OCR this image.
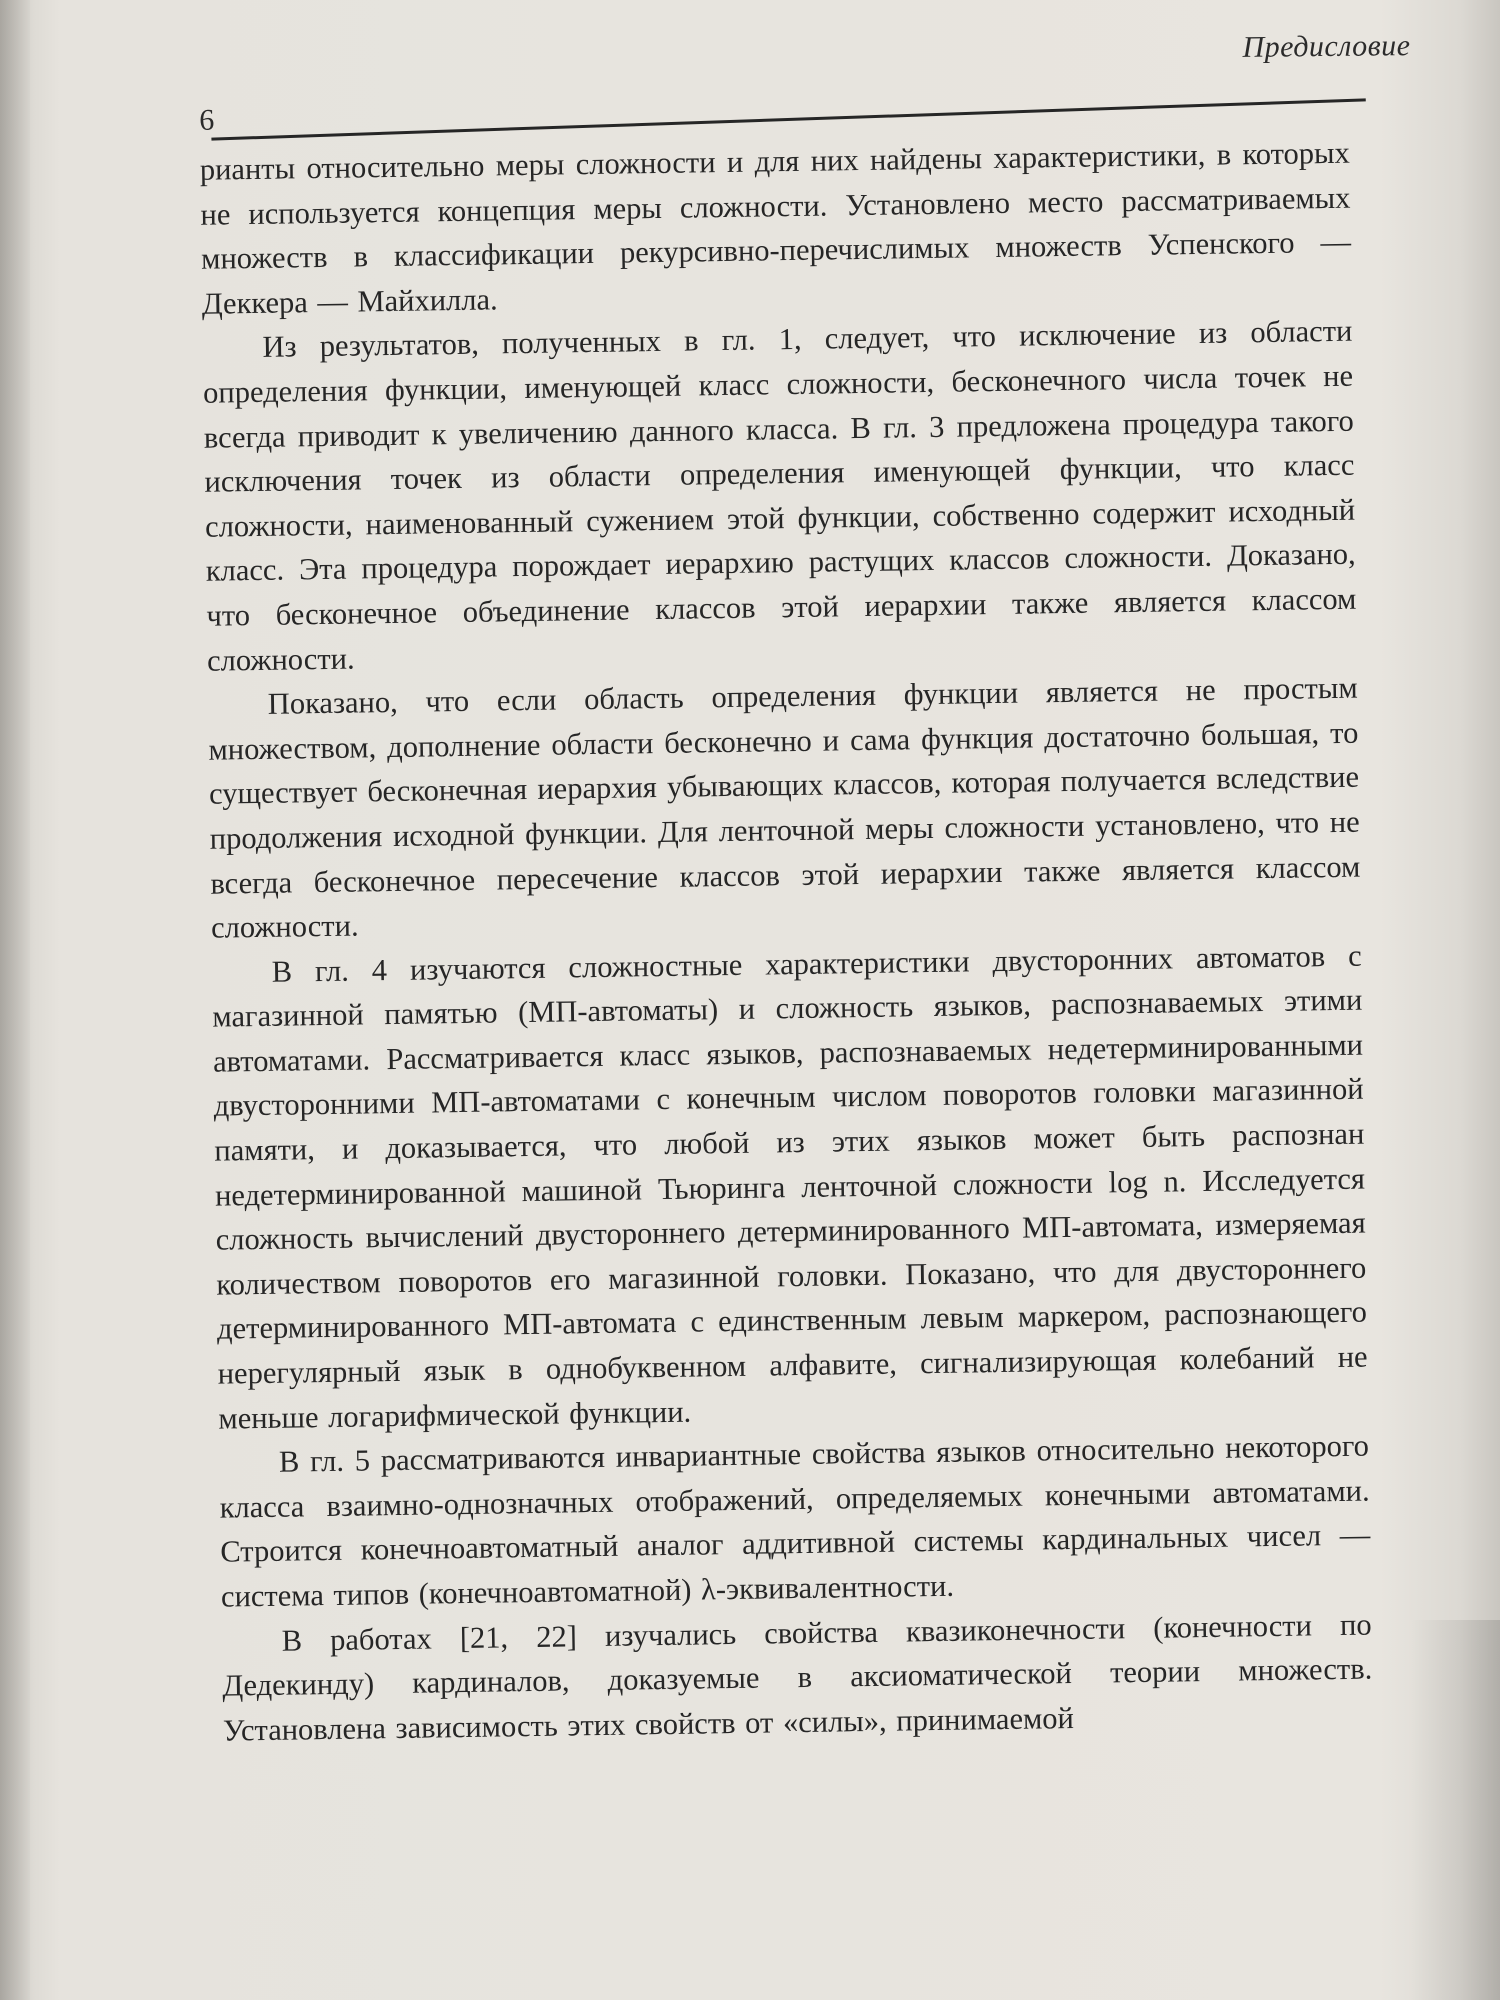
Предисловие
6

рианты относительно меры сложности и для них найдены характеристики, в которых не используется концепция меры сложности. Установлено место рассматриваемых множеств в классификации рекурсивно-перечислимых множеств Успенского — Деккера — Майхилла.

Из результатов, полученных в гл. 1, следует, что исключение из области определения функции, именующей класс сложности, бесконечного числа точек не всегда приводит к увеличению данного класса. В гл. 3 предложена процедура такого исключения точек из области определения именующей функции, что класс сложности, наименованный сужением этой функции, собственно содержит исходный класс. Эта процедура порождает иерархию растущих классов сложности. Доказано, что бесконечное объединение классов этой иерархии также является классом сложности.

Показано, что если область определения функции является не простым множеством, дополнение области бесконечно и сама функция достаточно большая, то существует бесконечная иерархия убывающих классов, которая получается вследствие продолжения исходной функции. Для ленточной меры сложности установлено, что не всегда бесконечное пересечение классов этой иерархии также является классом сложности.

В гл. 4 изучаются сложностные характеристики двусторонних автоматов с магазинной памятью (МП-автоматы) и сложность языков, распознаваемых этими автоматами. Рассматривается класс языков, распознаваемых недетерминированными двусторонними МП-автоматами с конечным числом поворотов головки магазинной памяти, и доказывается, что любой из этих языков может быть распознан недетерминированной машиной Тьюринга ленточной сложности log n. Исследуется сложность вычислений двустороннего детерминированного МП-автомата, измеряемая количеством поворотов его магазинной головки. Показано, что для двустороннего детерминированного МП-автомата с единственным левым маркером, распознающего нерегулярный язык в однобуквенном алфавите, сигнализирующая колебаний не меньше логарифмической функции.

В гл. 5 рассматриваются инвариантные свойства языков относительно некоторого класса взаимно-однозначных отображений, определяемых конечными автоматами. Строится конечноавтоматный аналог аддитивной системы кардинальных чисел — система типов (конечноавтоматной) λ-эквивалентности.

В работах [21, 22] изучались свойства квазиконечности (конечности по Дедекинду) кардиналов, доказуемые в аксиоматической теории множеств. Установлена зависимость этих свойств от «силы», принимаемой
